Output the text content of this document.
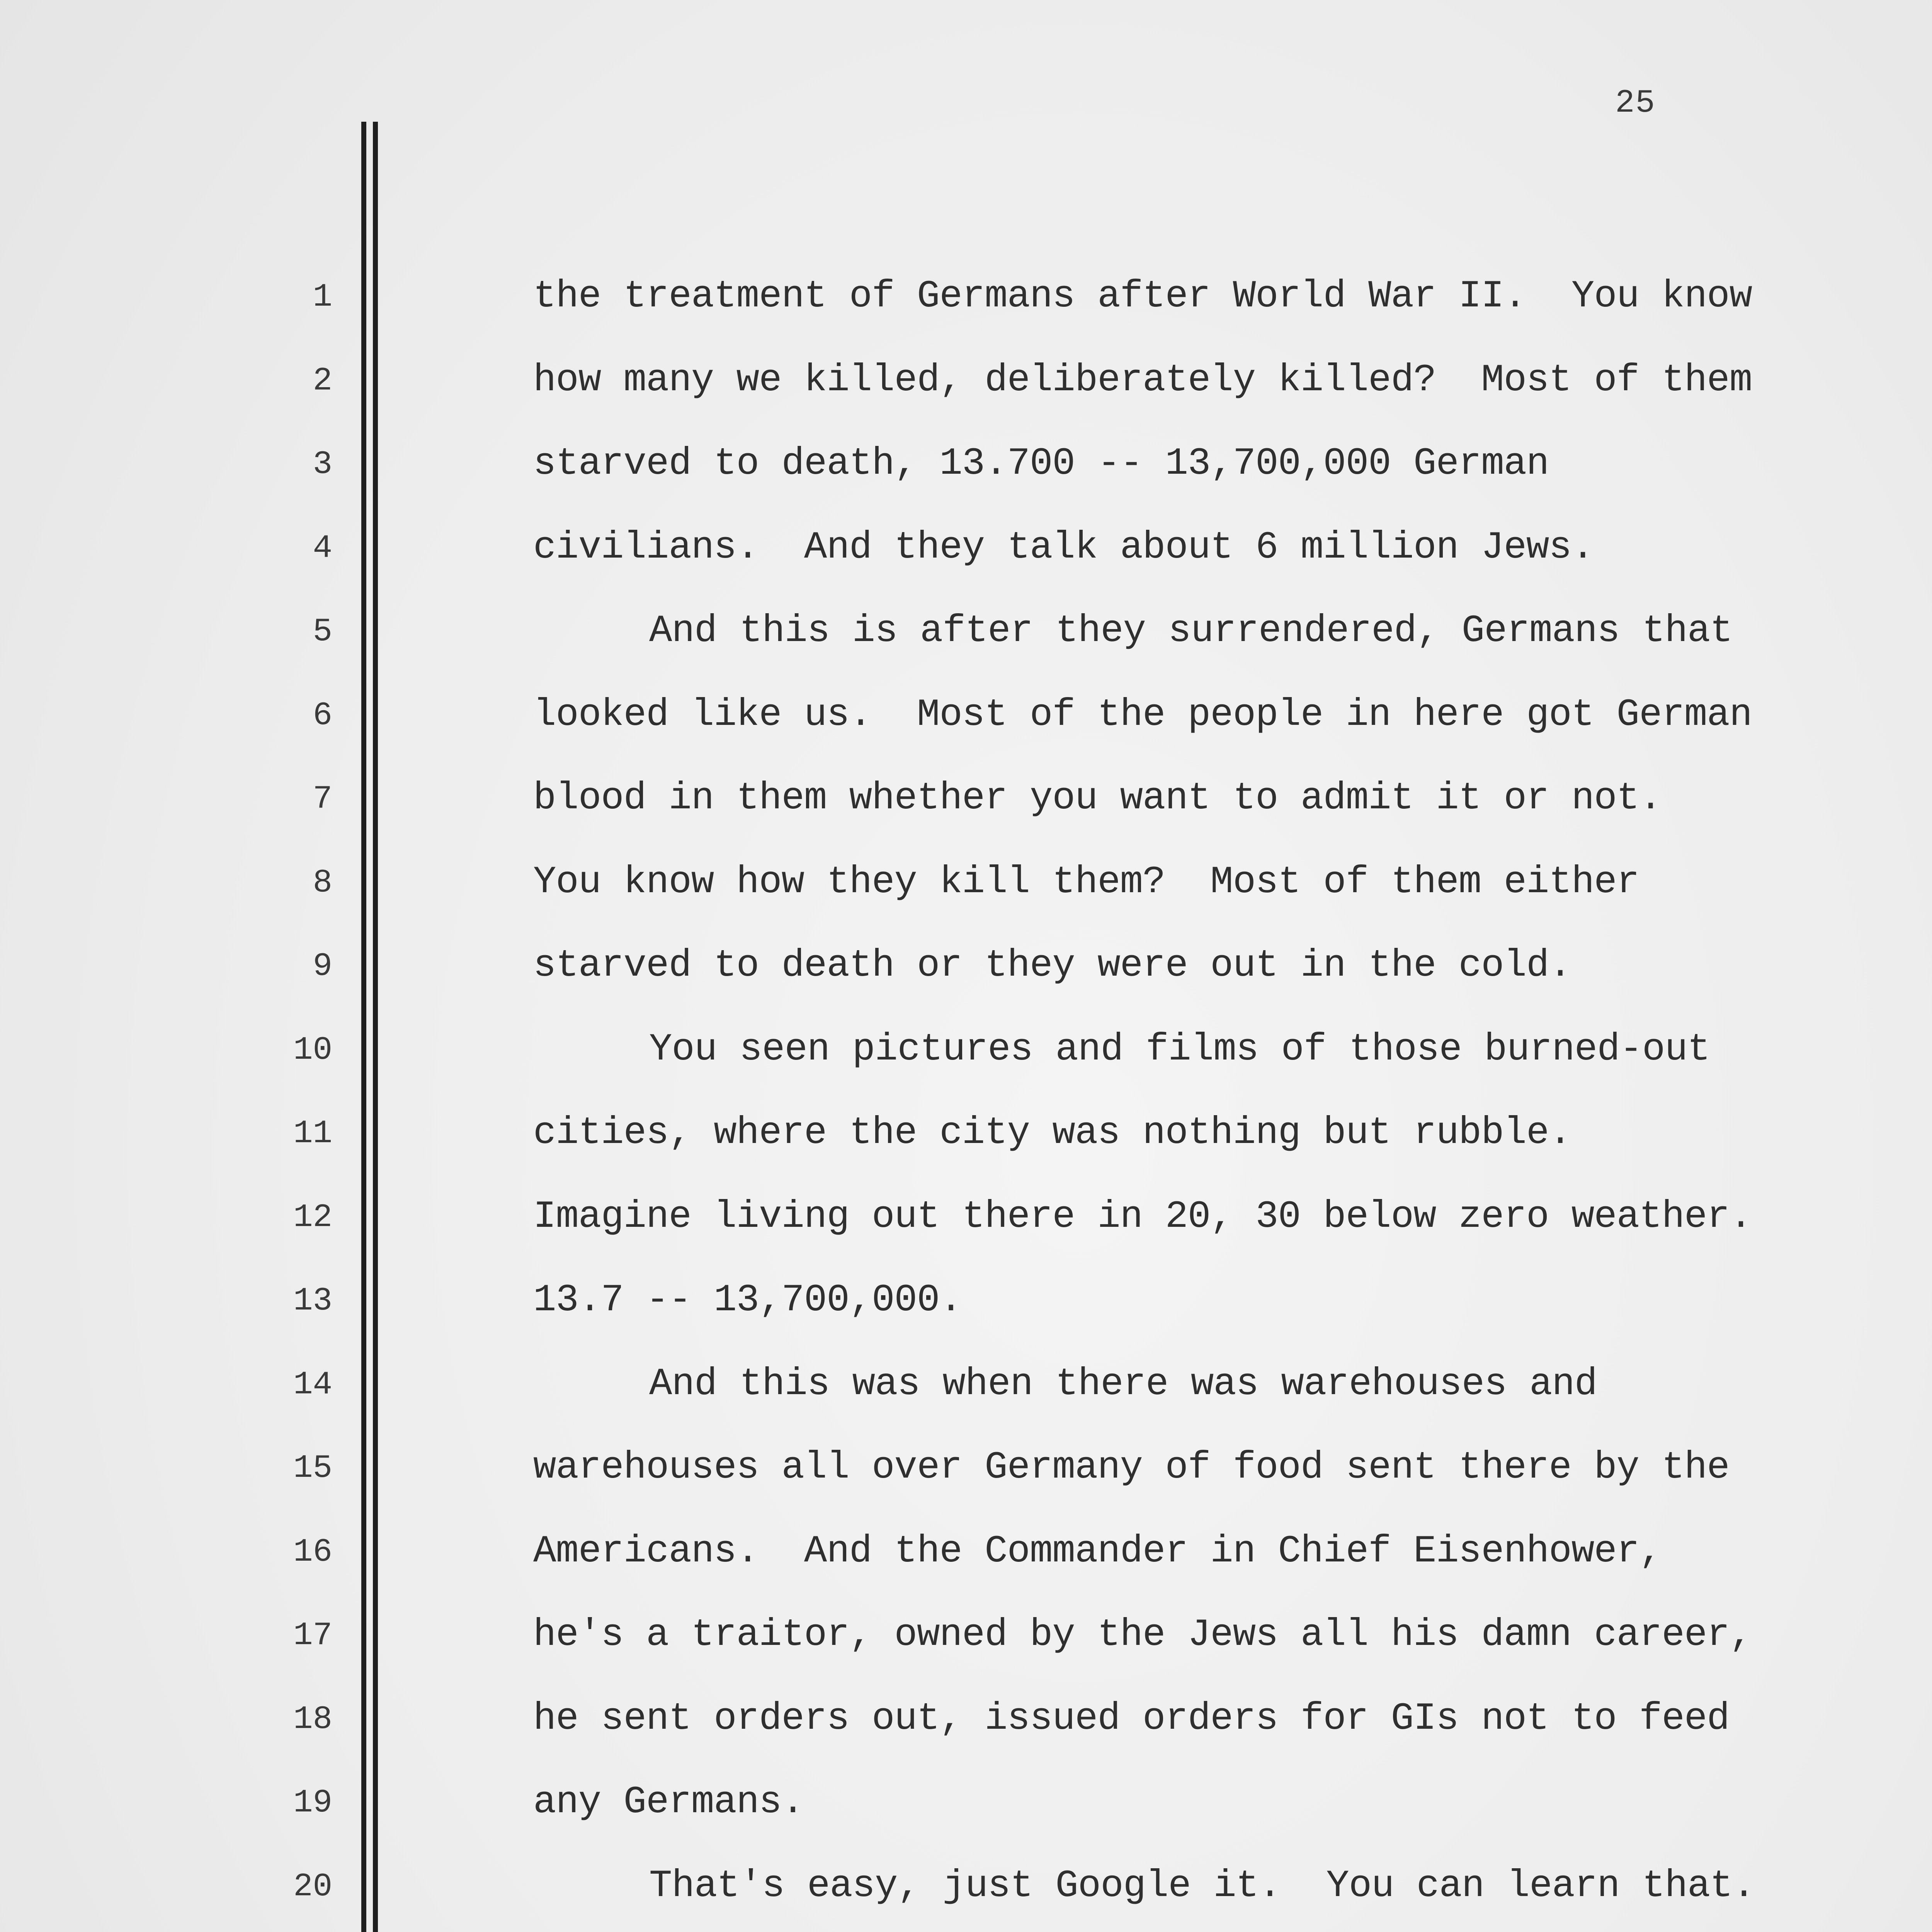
25
1
2
3
4
5
6
7
8
9
10
11
12
13
14
15
16
17
18
19
20
the treatment of Germans after World War II.  You know
how many we killed, deliberately killed?  Most of them
starved to death, 13.700 -- 13,700,000 German
civilians.  And they talk about 6 million Jews.
And this is after they surrendered, Germans that
looked like us.  Most of the people in here got German
blood in them whether you want to admit it or not.
You know how they kill them?  Most of them either
starved to death or they were out in the cold.
You seen pictures and films of those burned-out
cities, where the city was nothing but rubble.
Imagine living out there in 20, 30 below zero weather.
13.7 -- 13,700,000.
And this was when there was warehouses and
warehouses all over Germany of food sent there by the
Americans.  And the Commander in Chief Eisenhower,
he's a traitor, owned by the Jews all his damn career,
he sent orders out, issued orders for GIs not to feed
any Germans.
That's easy, just Google it.  You can learn that.
